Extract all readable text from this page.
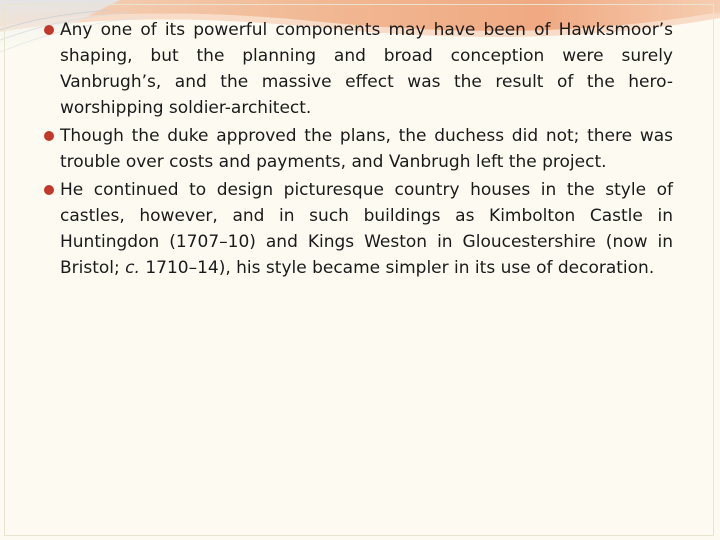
Any one of its powerful components may have been of Hawksmoor’s shaping, but the planning and broad conception were surely Vanbrugh’s, and the massive effect was the result of the hero-worshipping soldier-architect.

Though the duke approved the plans, the duchess did not; there was trouble over costs and payments, and Vanbrugh left the project.

He continued to design picturesque country houses in the style of castles, however, and in such buildings as Kimbolton Castle in Huntingdon (1707–10) and Kings Weston in Gloucestershire (now in Bristol; c. 1710–14), his style became simpler in its use of decoration.
